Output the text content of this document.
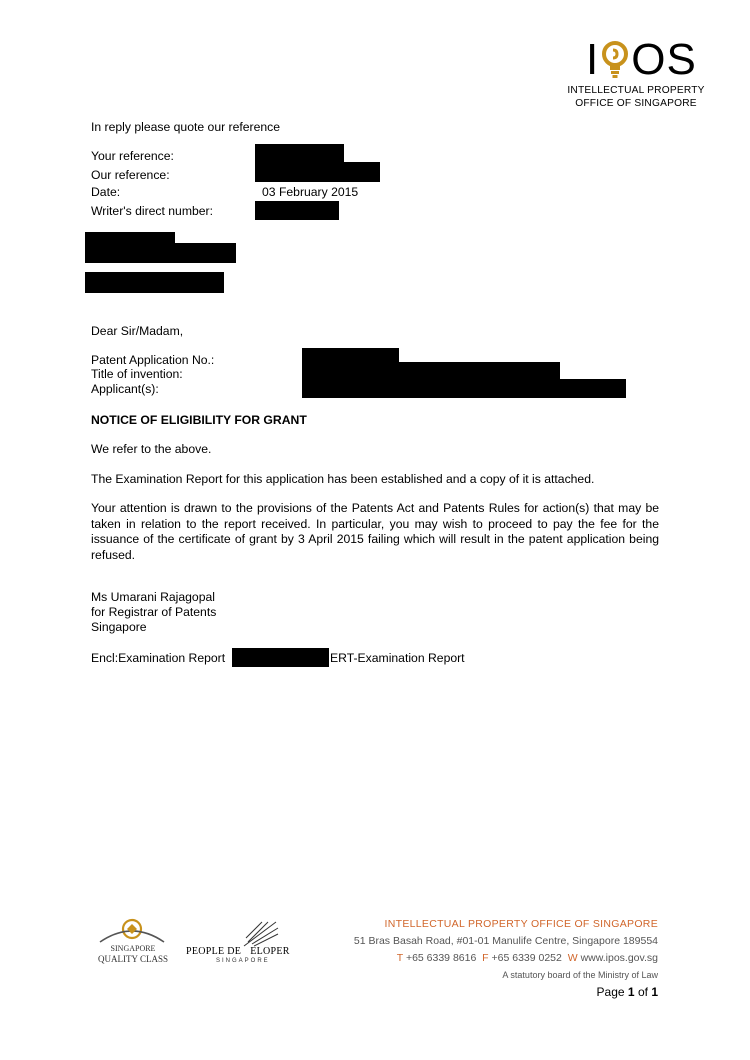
I O S
INTELLECTUAL PROPERTY
OFFICE OF SINGAPORE
In reply please quote our reference
Your reference:
Our reference:
Date:
Writer's direct number:
03 February 2015
Dear Sir/Madam,
Patent Application No.:
Title of invention:
Applicant(s):
NOTICE OF ELIGIBILITY FOR GRANT
We refer to the above.
The Examination Report for this application has been established and a copy of it is attached.
Your attention is drawn to the provisions of the Patents Act and Patents Rules for action(s) that may be taken in relation to the report received. In particular, you may wish to proceed to pay the fee for the issuance of the certificate of grant by 3 April 2015 failing which will result in the patent application being refused.
Ms Umarani Rajagopal
for Registrar of Patents
Singapore
Encl:Examination Report	ERT-Examination Report
SINGAPORE
QUALITY CLASS
PEOPLE DE ELOPER
SINGAPORE
INTELLECTUAL PROPERTY OFFICE OF SINGAPORE
51 Bras Basah Road, #01-01 Manulife Centre, Singapore 189554
T +65 6339 8616 F +65 6339 0252 W www.ipos.gov.sg
A statutory board of the Ministry of Law
Page 1 of 1
